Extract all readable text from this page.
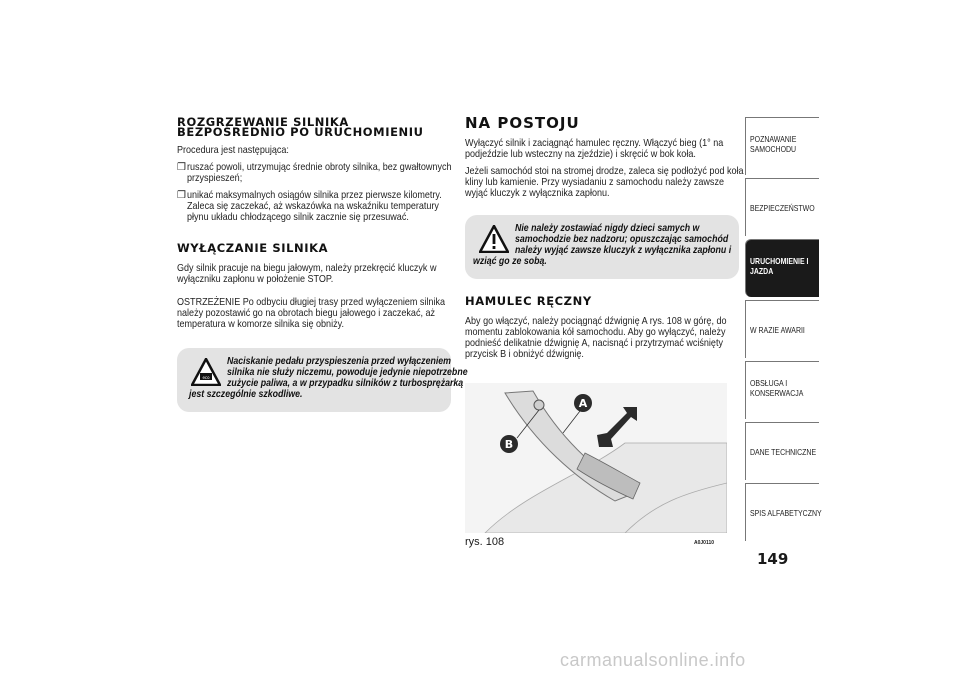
ROZGRZEWANIE SILNIKA
BEZPOŚREDNIO PO URUCHOMIENIU
Procedura jest następująca:
❒ ruszać powoli, utrzymując średnie obroty silnika, bez gwałtownych
przyspieszeń;
❒ unikać maksymalnych osiągów silnika przez pierwsze kilometry.
Zaleca się zaczekać, aż wskazówka na wskaźniku temperatury
płynu układu chłodzącego silnik zacznie się przesuwać.
WYŁĄCZANIE SILNIKA
Gdy silnik pracuje na biegu jałowym, należy przekręcić kluczyk w
wyłączniku zapłonu w położenie STOP.
OSTRZEŻENIE Po odbyciu długiej trasy przed wyłączeniem silnika
należy pozostawić go na obrotach biegu jałowego i zaczekać, aż
temperatura w komorze silnika się obniży.
eco
Naciskanie pedału przyspieszenia przed wyłączeniem
silnika nie służy niczemu, powoduje jedynie niepotrzebne
zużycie paliwa, a w przypadku silników z turbosprężarką
jest szczególnie szkodliwe.
NA POSTOJU
Wyłączyć silnik i zaciągnąć hamulec ręczny. Włączyć bieg (1° na
podjeździe lub wsteczny na zjeździe) i skręcić w bok koła.
Jeżeli samochód stoi na stromej drodze, zaleca się podłożyć pod koła
kliny lub kamienie. Przy wysiadaniu z samochodu należy zawsze
wyjąć kluczyk z wyłącznika zapłonu.
Nie należy zostawiać nigdy dzieci samych w
samochodzie bez nadzoru; opuszczając samochód
należy wyjąć zawsze kluczyk z wyłącznika zapłonu i
wziąć go ze sobą.
HAMULEC RĘCZNY
Aby go włączyć, należy pociągnąć dźwignię A rys. 108 w górę, do
momentu zablokowania kół samochodu. Aby go wyłączyć, należy
podnieść delikatnie dźwignię A, nacisnąć i przytrzymać wciśnięty
przycisk B i obniżyć dźwignię.
A
B
rys. 108	A0J0110
POZNAWANIE
SAMOCHODU
BEZPIECZEŃSTWO
URUCHOMIENIE I
JAZDA
W RAZIE AWARII
OBSŁUGA I
KONSERWACJA
DANE TECHNICZNE
SPIS ALFABETYCZNY
149
carmanualsonline.info
